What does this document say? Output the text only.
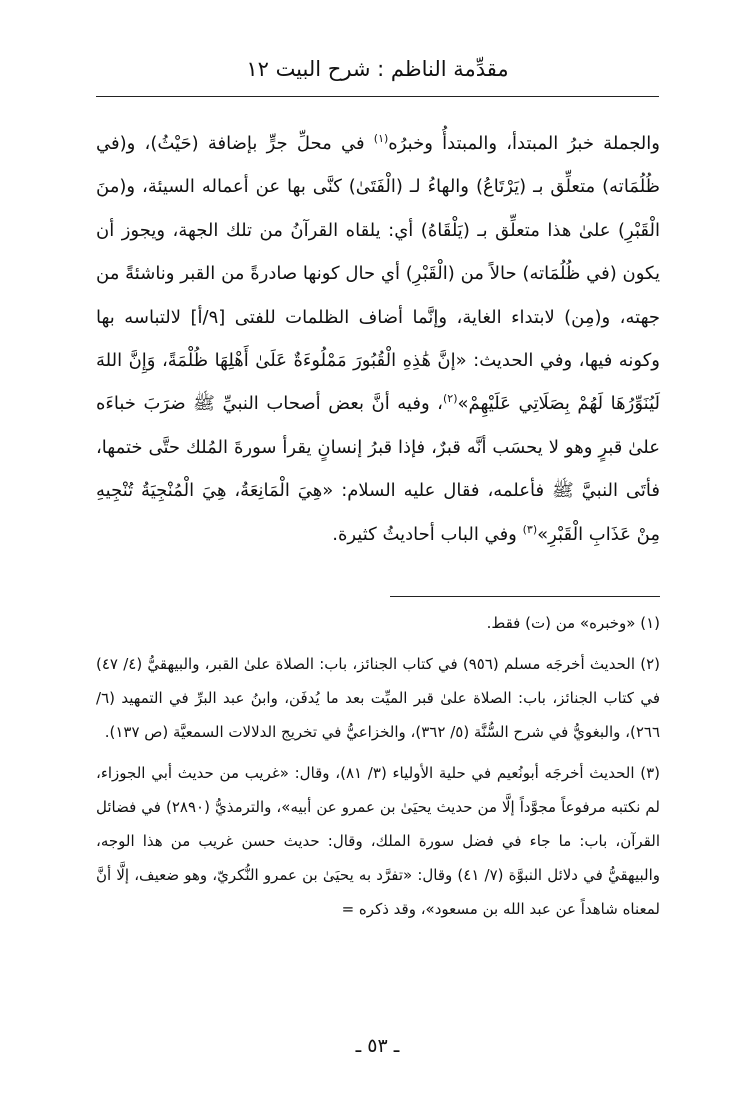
مقدِّمة الناظم : شرح البيت ١٢

والجملة خبرُ المبتدأ، والمبتدأُ وخبرُه$^{(١)}$ في محلِّ جرٍّ بإضافة (حَيْثُ)، و(في ظُلُمَاته) متعلِّق بـ (يَرْتَاعُ) والهاءُ لـ (الْفَتَىٰ) كنَّى بها عن أعماله السيئة، و(منَ الْقَبْرِ) علىٰ هذا متعلِّق بـ (يَلْقَاهُ) أي: يلقاه القرآنُ من تلك الجهة، ويجوز أن يكون (في ظُلُمَاته) حالاً من (الْقَبْرِ) أي حال كونها صادرةً من القبر وناشئةً من جهته، و(مِن) لابتداء الغاية، وإنَّما أضاف الظلمات للفتى [٩/أ] لالتباسه بها وكونه فيها، وفي الحديث: «إنَّ هَٰذِهِ الْقُبُورَ مَمْلُوءَةٌ عَلَىٰ أَهْلِهَا ظُلْمَةً، وَإِنَّ اللهَ لَيُنَوِّرُهَا لَهُمْ بِصَلَاتِي عَلَيْهِمْ»$^{(٢)}$، وفيه أنَّ بعض أصحاب النبيِّ ﷺ ضرَبَ خباءَه علىٰ قبرٍ وهو لا يحسَب أنَّه قبرٌ، فإذا قبرُ إنسانٍ يقرأ سورةَ المُلك حتَّى ختمها، فأتَى النبيَّ ﷺ فأعلمه، فقال عليه السلام: «هِيَ الْمَانِعَةُ، هِيَ الْمُنْجِيَةُ تُنْجِيهِ مِنْ عَذَابِ الْقَبْرِ»$^{(٣)}$ وفي الباب أحاديثُ كثيرة.

(١) «وخبره» من (ت) فقط.

(٢) الحديث أخرجَه مسلم (٩٥٦) في كتاب الجنائز، باب: الصلاة علىٰ القبر، والبيهقيُّ (٤/ ٤٧) في كتاب الجنائز، باب: الصلاة علىٰ قبر الميِّت بعد ما يُدفَن، وابنُ عبد البرِّ في التمهيد (٦/ ٢٦٦)، والبغويُّ في شرح السُّنَّة (٥/ ٣٦٢)، والخزاعيُّ في تخريج الدلالات السمعيَّة (ص ١٣٧).

(٣) الحديث أخرجَه أبونُعيم في حلية الأولياء (٣/ ٨١)، وقال: «غريب من حديث أبي الجوزاء، لم نكتبه مرفوعاً مجوَّداً إلَّا من حديث يحيَىٰ بن عمرو عن أبيه»، والترمذيُّ (٢٨٩٠) في فضائل القرآن، باب: ما جاء في فضل سورة الملك، وقال: حديث حسن غريب من هذا الوجه، والبيهقيُّ في دلائل النبوَّة (٧/ ٤١) وقال: «تفرَّد به يحيَىٰ بن عمرو النُّكريّ، وهو ضعيف، إلَّا أنَّ لمعناه شاهداً عن عبد الله بن مسعود»، وقد ذكره =

ـ ٥٣ ـ
